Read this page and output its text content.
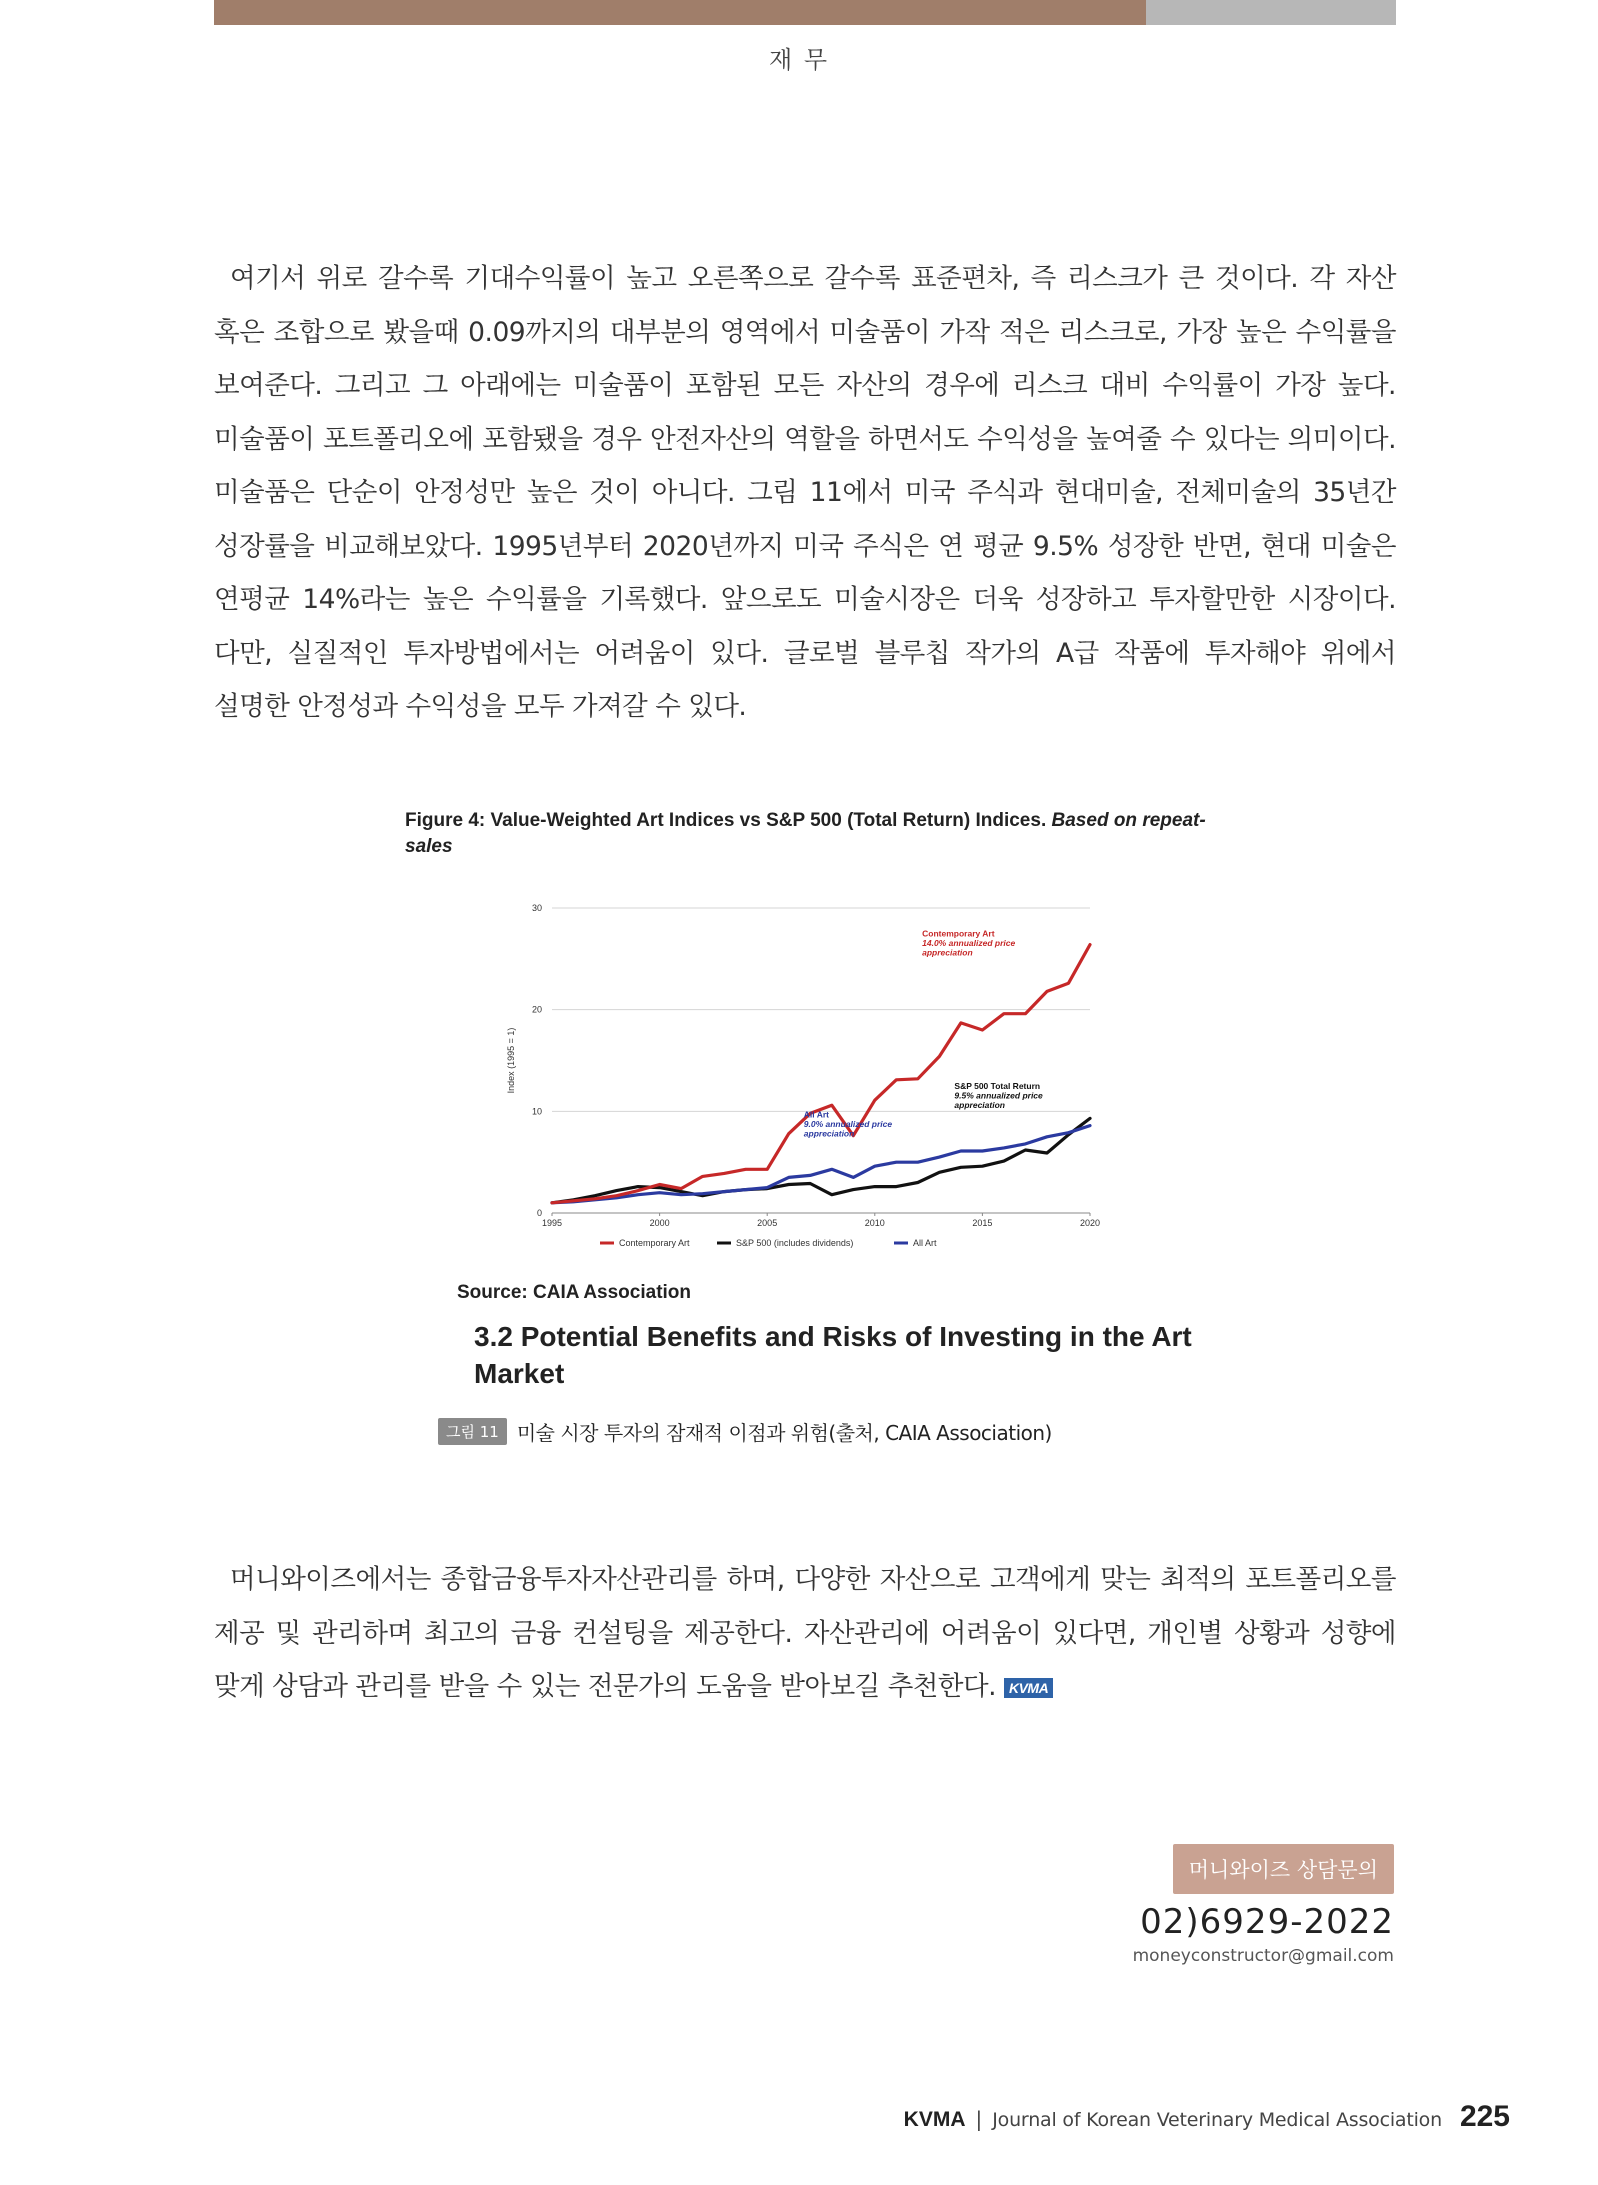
재 무
여기서 위로 갈수록 기대수익률이 높고 오른쪽으로 갈수록 표준편차, 즉 리스크가 큰 것이다. 각 자산 혹은 조합으로 봤을때 0.09까지의 대부분의 영역에서 미술품이 가작 적은 리스크로, 가장 높은 수익률을 보여준다. 그리고 그 아래에는 미술품이 포함된 모든 자산의 경우에 리스크 대비 수익률이 가장 높다. 미술품이 포트폴리오에 포함됐을 경우 안전자산의 역할을 하면서도 수익성을 높여줄 수 있다는 의미이다. 미술품은 단순이 안정성만 높은 것이 아니다. 그림 11에서 미국 주식과 현대미술, 전체미술의 35년간 성장률을 비교해보았다. 1995년부터 2020년까지 미국 주식은 연 평균 9.5% 성장한 반면, 현대 미술은 연평균 14%라는 높은 수익률을 기록했다. 앞으로도 미술시장은 더욱 성장하고 투자할만한 시장이다. 다만, 실질적인 투자방법에서는 어려움이 있다. 글로벌 블루칩 작가의 A급 작품에 투자해야 위에서 설명한 안정성과 수익성을 모두 가져갈 수 있다.
Figure 4: Value-Weighted Art Indices vs S&P 500 (Total Return) Indices. Based on repeat-sales
0
10
20
30
1995	2000	2005	2010	2015	2020
Index (1995 = 1)
Contemporary Art
14.0% annualized price
appreciation
S&P 500 Total Return
9.5% annualized price
appreciation
All Art
9.0% annualized price
appreciation
Contemporary Art	S&P 500 (includes dividends)	All Art
Source: CAIA Association
3.2 Potential Benefits and Risks of Investing in the Art Market
그림 11 미술 시장 투자의 잠재적 이점과 위험(출처, CAIA Association)
머니와이즈에서는 종합금융투자자산관리를 하며, 다양한 자산으로 고객에게 맞는 최적의 포트폴리오를 제공 및 관리하며 최고의 금융 컨설팅을 제공한다. 자산관리에 어려움이 있다면, 개인별 상황과 성향에 맞게 상담과 관리를 받을 수 있는 전문가의 도움을 받아보길 추천한다. KVMA
머니와이즈 상담문의
02)6929-2022
moneyconstructor@gmail.com
KVMA | Journal of Korean Veterinary Medical Association 225
